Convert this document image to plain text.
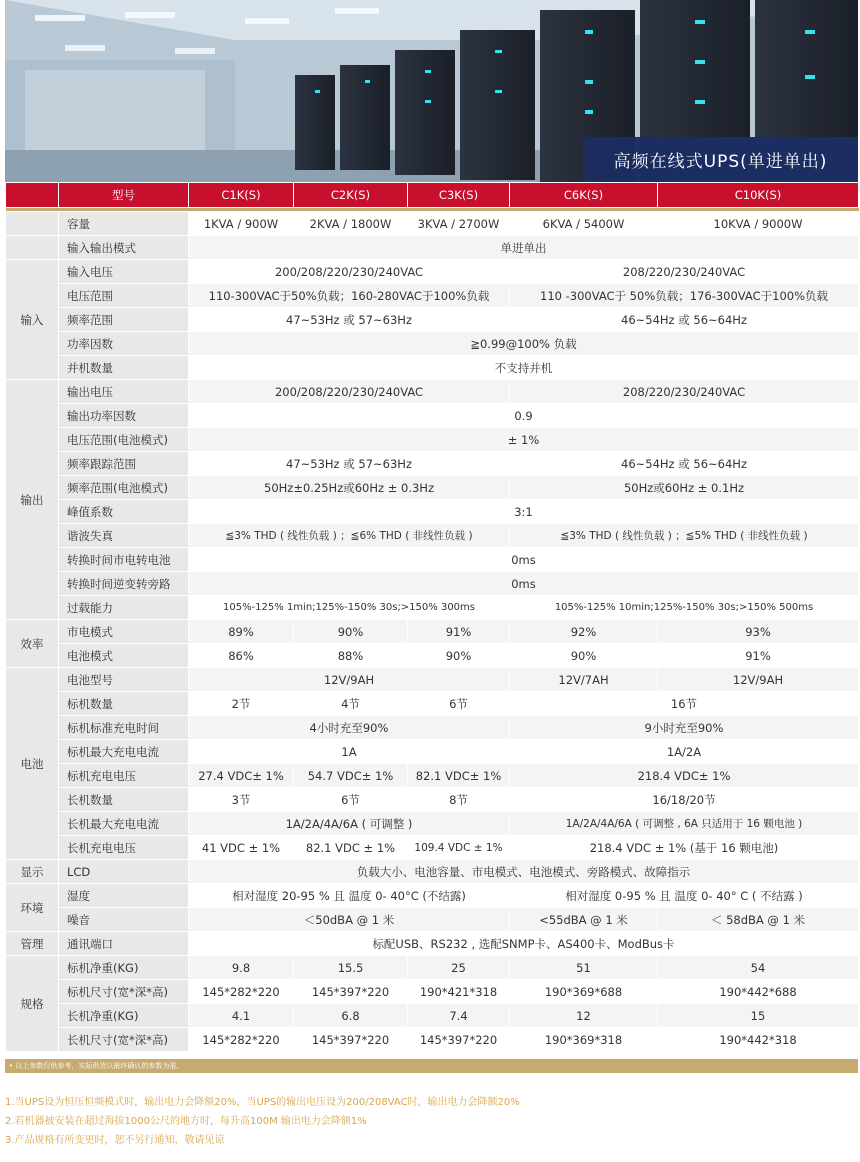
高频在线式UPS(单进单出)
	型号	C1K(S)	C2K(S)	C3K(S)	C6K(S)	C10K(S)

	容量	1KVA / 900W	2KVA / 1800W	3KVA / 2700W	6KVA / 5400W	10KVA / 9000W
	输入输出模式	单进单出				
输入	输入电压	200/208/220/230/240VAC			208/220/230/240VAC	
	电压范围	110-300VAC于50%负载；160-280VAC于100%负载			110 -300VAC于 50%负载；176-300VAC于100%负载	
	频率范围	47~53Hz 或 57~63Hz			46~54Hz 或 56~64Hz	
	功率因数	≧0.99@100% 负载				
	并机数量	不支持并机				
输出	输出电压	200/208/220/230/240VAC			208/220/230/240VAC	
	输出功率因数	0.9				
	电压范围(电池模式)	± 1%				
	频率跟踪范围	47~53Hz 或 57~63Hz			46~54Hz 或 56~64Hz	
	频率范围(电池模式)	50Hz±0.25Hz或60Hz ± 0.3Hz			50Hz或60Hz ± 0.1Hz	
	峰值系数	3:1				
	谐波失真	≦3% THD ( 线性负载 ) ；≦6% THD ( 非线性负载 )			≦3% THD ( 线性负载 ) ；≦5% THD ( 非线性负载 )	
	转换时间市电转电池	0ms				
	转换时间逆变转旁路	0ms				
	过载能力	105%-125% 1min;125%-150% 30s;>150% 300ms			105%-125% 10min;125%-150% 30s;>150% 500ms	
效率	市电模式	89%	90%	91%	92%	93%
	电池模式	86%	88%	90%	90%	91%
电池	电池型号	12V/9AH			12V/7AH	12V/9AH
	标机数量	2节	4节	6节	16节	
	标机标准充电时间	4小时充至90%			9小时充至90%	
	标机最大充电电流	1A			1A/2A	
	标机充电电压	27.4 VDC± 1%	54.7 VDC± 1%	82.1 VDC± 1%	218.4 VDC± 1%	
	长机数量	3节	6节	8节	16/18/20节	
	长机最大充电电流	1A/2A/4A/6A ( 可调整 )			1A/2A/4A/6A ( 可调整 , 6A 只适用于 16 颗电池 )	
	长机充电电压	41 VDC ± 1%	82.1 VDC ± 1%	109.4 VDC ± 1%	218.4 VDC ± 1% (基于 16 颗电池)	
显示	LCD	负载大小、电池容量、市电模式、电池模式、旁路模式、故障指示				
环境	湿度	相对湿度 20-95 % 且 温度 0- 40°C (不结露)			相对湿度 0-95 % 且 温度 0- 40° C ( 不结露 )	
	噪音	＜50dBA @ 1 米			<55dBA @ 1 米	＜ 58dBA @ 1 米
管理	通讯端口	标配USB、RS232 , 选配SNMP卡、AS400卡、ModBus卡				
规格	标机净重(KG)	9.8	15.5	25	51	54
	标机尺寸(宽*深*高)	145*282*220	145*397*220	190*421*318	190*369*688	190*442*688
	长机净重(KG)	4.1	6.8	7.4	12	15
	长机尺寸(宽*深*高)	145*282*220	145*397*220	145*397*220	190*369*318	190*442*318
• 以上参数仅供参考，实际供货以最终确认的参数为准。
1.当UPS设为恒压恒频模式时，输出电力会降额20%，当UPS的输出电压设为200/208VAC时，输出电力会降额20%
2.若机器被安装在超过海拔1000公尺的地方时，每升高100M 输出电力会降额1%
3.产品规格有所变更时，恕不另行通知，敬请见谅
